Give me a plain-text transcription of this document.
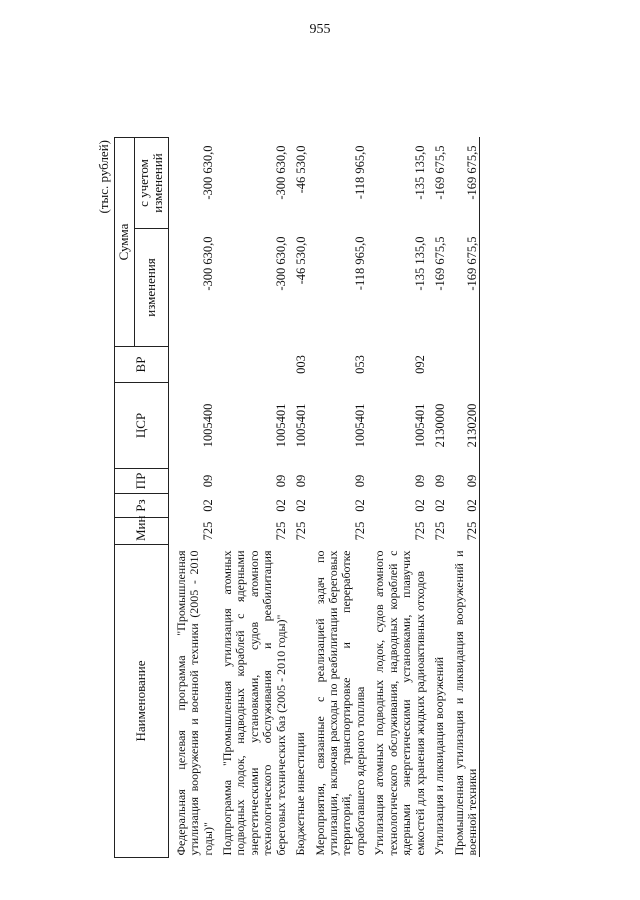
955
(тыс. рублей)
Наименование	Мин	Рз	ПР	ЦСР	ВР	Сумма	
						изменения	с учетом изменений
Федеральная целевая программа "Промышленная утилизация вооружения и военной техники (2005 - 2010 годы)"	725	02	09	1005400		-300 630,0	-300 630,0
Подпрограмма "Промышленная утилизация атомных подводных лодок, надводных кораблей с ядерными энергетическими установками, судов атомного технологического обслуживания и реабилитация береговых технических баз (2005 - 2010 годы)"	725	02	09	1005401		-300 630,0	-300 630,0
Бюджетные инвестиции	725	02	09	1005401	003	-46 530,0	-46 530,0
Мероприятия, связанные с реализацией задач по утилизации, включая расходы по реабилитации береговых территорий, транспортировке и переработке отработавшего ядерного топлива	725	02	09	1005401	053	-118 965,0	-118 965,0
Утилизация атомных подводных лодок, судов атомного технологического обслуживания, надводных кораблей с ядерными энергетическими установками, плавучих емкостей для хранения жидких радиоактивных отходов	725	02	09	1005401	092	-135 135,0	-135 135,0
Утилизация и ликвидация вооружений	725	02	09	2130000		-169 675,5	-169 675,5
Промышленная утилизация и ликвидация вооружений и военной техники	725	02	09	2130200		-169 675,5	-169 675,5
